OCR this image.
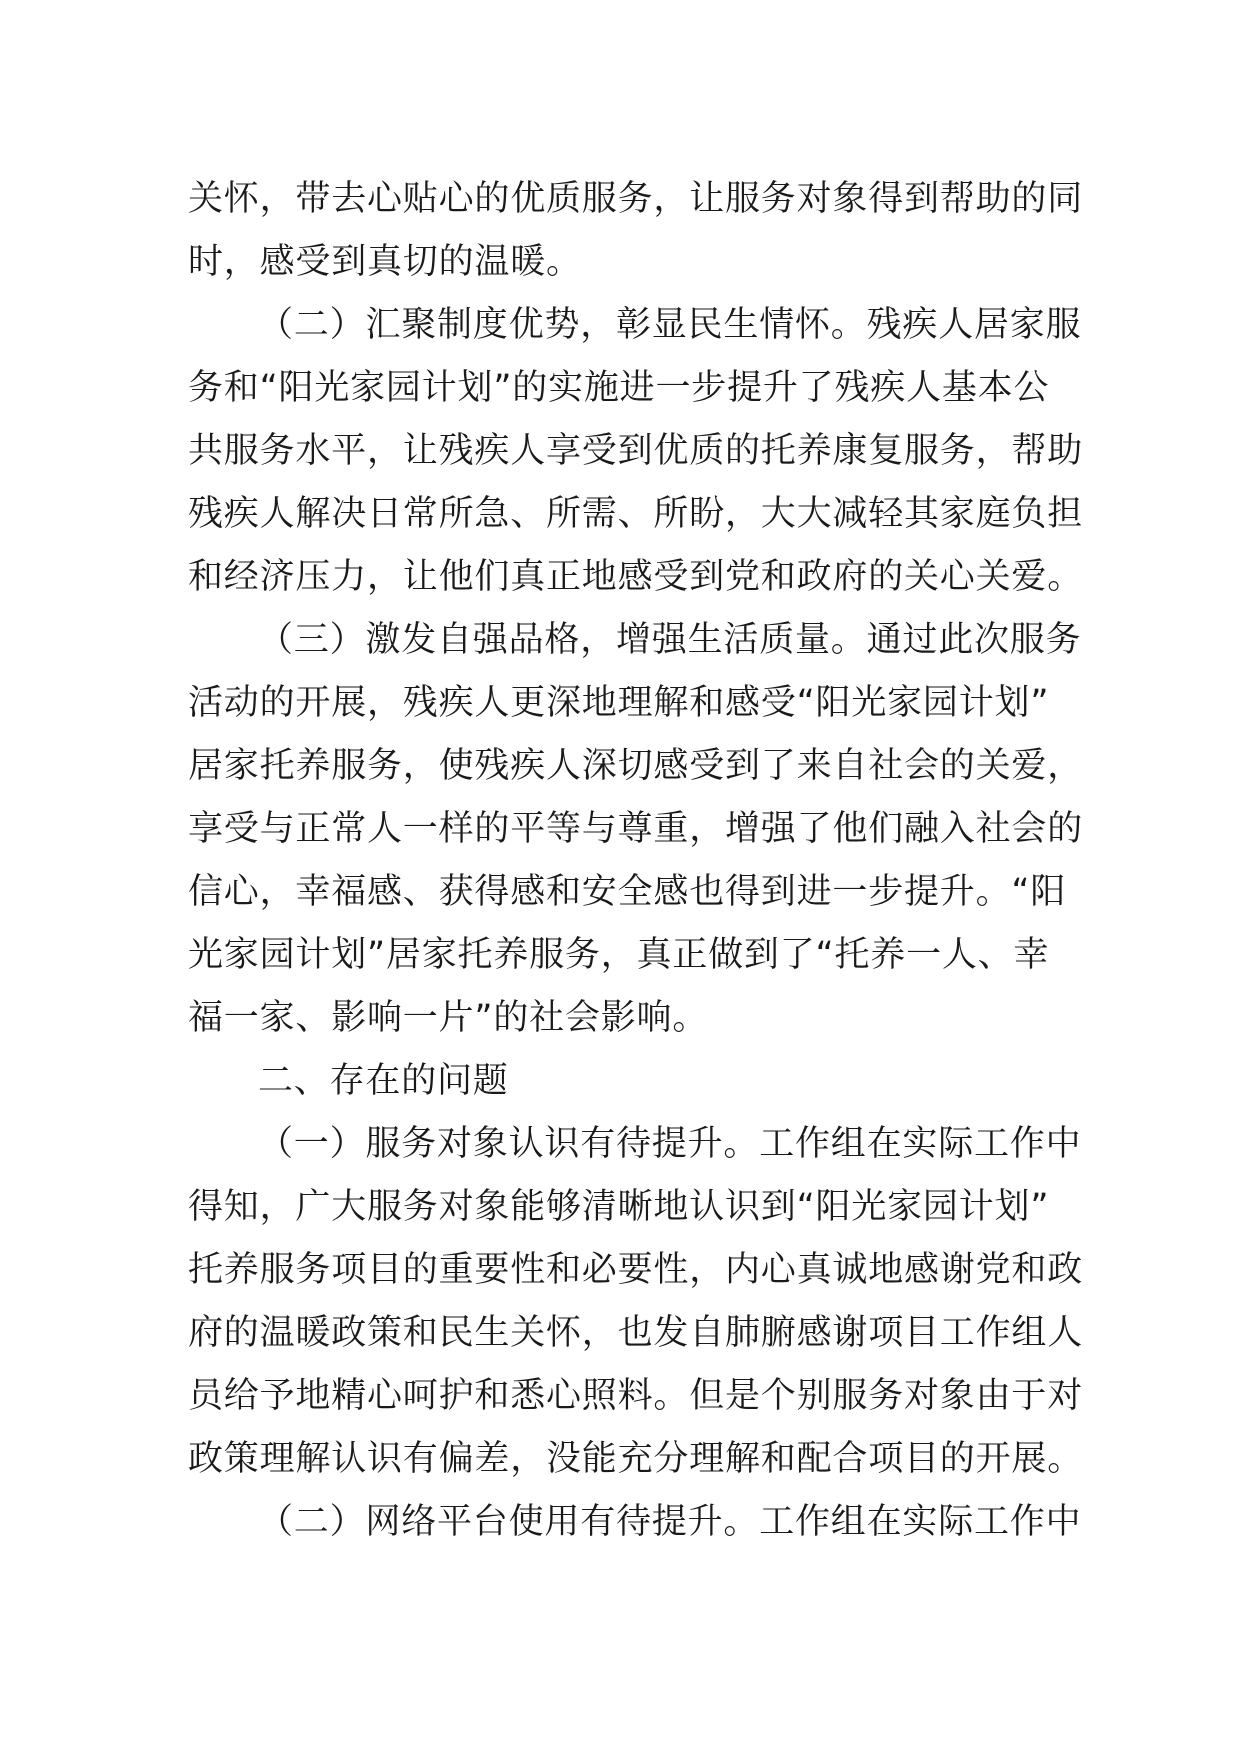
关怀，带去心贴心的优质服务，让服务对象得到帮助的同
时，感受到真切的温暖。
（二）汇聚制度优势，彰显民生情怀。残疾人居家服
务和“阳光家园计划”的实施进一步提升了残疾人基本公
共服务水平，让残疾人享受到优质的托养康复服务，帮助
残疾人解决日常所急、所需、所盼，大大减轻其家庭负担
和经济压力，让他们真正地感受到党和政府的关心关爱。
（三）激发自强品格，增强生活质量。通过此次服务
活动的开展，残疾人更深地理解和感受“阳光家园计划”
居家托养服务，使残疾人深切感受到了来自社会的关爱，
享受与正常人一样的平等与尊重，增强了他们融入社会的
信心，幸福感、获得感和安全感也得到进一步提升。“阳
光家园计划”居家托养服务，真正做到了“托养一人、幸
福一家、影响一片”的社会影响。
二、存在的问题
（一）服务对象认识有待提升。工作组在实际工作中
得知，广大服务对象能够清晰地认识到“阳光家园计划”
托养服务项目的重要性和必要性，内心真诚地感谢党和政
府的温暖政策和民生关怀，也发自肺腑感谢项目工作组人
员给予地精心呵护和悉心照料。但是个别服务对象由于对
政策理解认识有偏差，没能充分理解和配合项目的开展。
（二）网络平台使用有待提升。工作组在实际工作中
